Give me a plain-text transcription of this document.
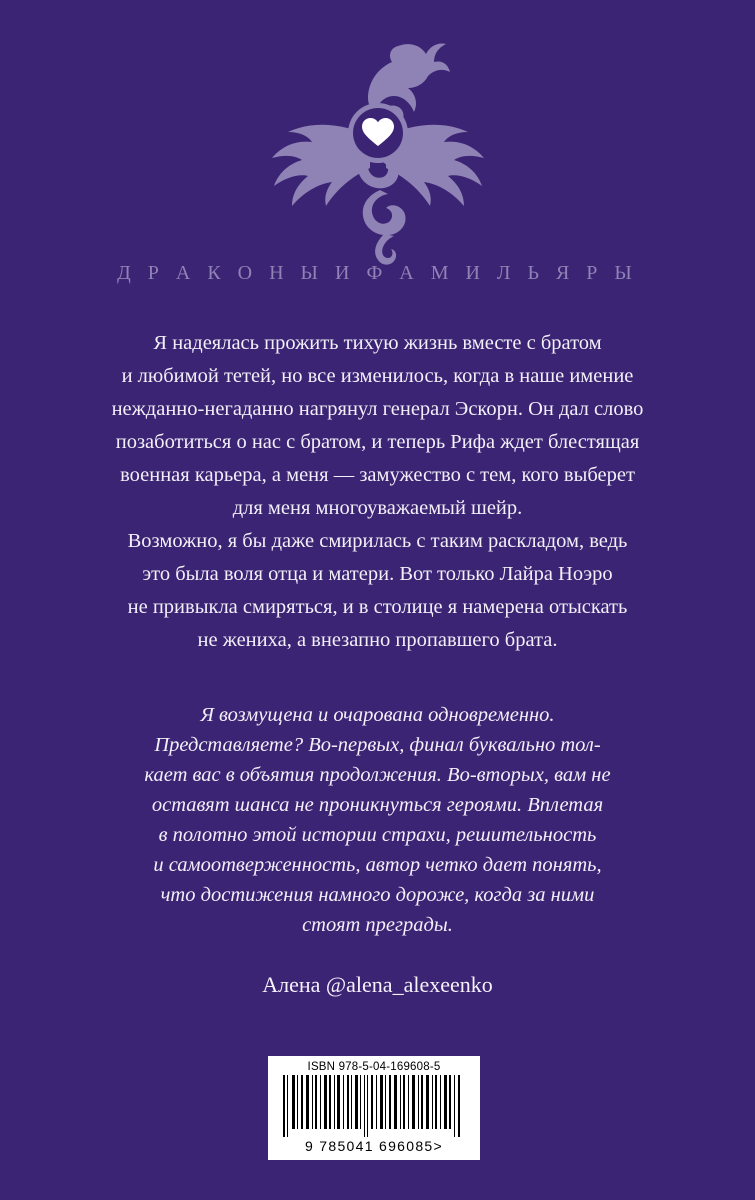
Д Р А К О Н Ы И Ф А М И Л Ь Я Р Ы

Я надеялась прожить тихую жизнь вместе с братом

и любимой тетей, но все изменилось, когда в наше имение

нежданно-негаданно нагрянул генерал Эскорн. Он дал слово

позаботиться о нас с братом, и теперь Рифа ждет блестящая

военная карьера, а меня — замужество с тем, кого выберет

для меня многоуважаемый шейр.

Возможно, я бы даже смирилась с таким раскладом, ведь

это была воля отца и матери. Вот только Лайра Ноэро

не привыкла смиряться, и в столице я намерена отыскать

не жениха, а внезапно пропавшего брата.

Я возмущена и очарована одновременно.

Представляете? Во-первых, финал буквально тол-

кает вас в объятия продолжения. Во-вторых, вам не

оставят шанса не проникнуться героями. Вплетая

в полотно этой истории страхи, решительность

и самоотверженность, автор четко дает понять,

что достижения намного дороже, когда за ними

стоят преграды.

Алена @alena_alexeenko
ISBN 978-5-04-169608-5
9 785041 696085>
